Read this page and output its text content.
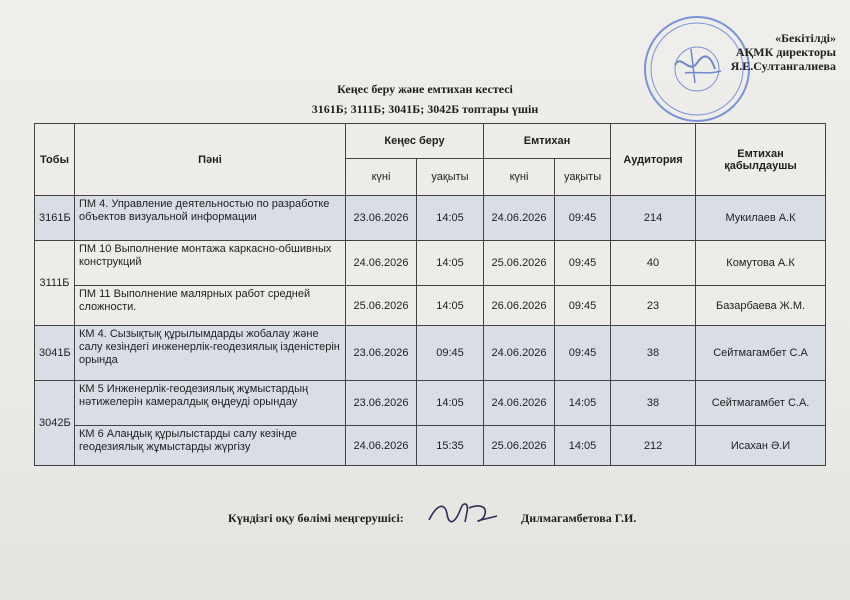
«Бекітілді»
АҚМК директоры
Я.Е.Султангалиева
Кеңес беру және емтихан кестесі
3161Б; 3111Б; 3041Б; 3042Б топтары үшін
Тобы	Пәні	Кеңес беру		Емтихан		Аудитория	Емтихан қабылдаушы
		күні	уақыты	күні	уақыты		
3161Б	ПМ 4. Управление деятельностью по разработке объектов визуальной информации	23.06.2026	14:05	24.06.2026	09:45	214	Мукилаев А.К
3111Б	ПМ 10 Выполнение монтажа каркасно-обшивных конструкций	24.06.2026	14:05	25.06.2026	09:45	40	Комутова А.К
	ПМ 11 Выполнение малярных работ средней сложности.	25.06.2026	14:05	26.06.2026	09:45	23	Базарбаева Ж.М.
3041Б	КМ 4. Сызықтық құрылымдарды жобалау және салу кезіндегі инженерлік-геодезиялық ізденістерін орында	23.06.2026	09:45	24.06.2026	09:45	38	Сейтмагамбет С.А
3042Б	КМ 5 Инженерлік-геодезиялық жұмыстардың нәтижелерін камералдық өңдеуді орындау	23.06.2026	14:05	24.06.2026	14:05	38	Сейтмагамбет С.А.
	КМ 6 Алаңдық құрылыстарды салу кезінде геодезиялық жұмыстарды жүргізу	24.06.2026	15:35	25.06.2026	14:05	212	Исахан Ә.И
Күндізгі оқу бөлімі меңгерушісі:	Дилмагамбетова Г.И.
